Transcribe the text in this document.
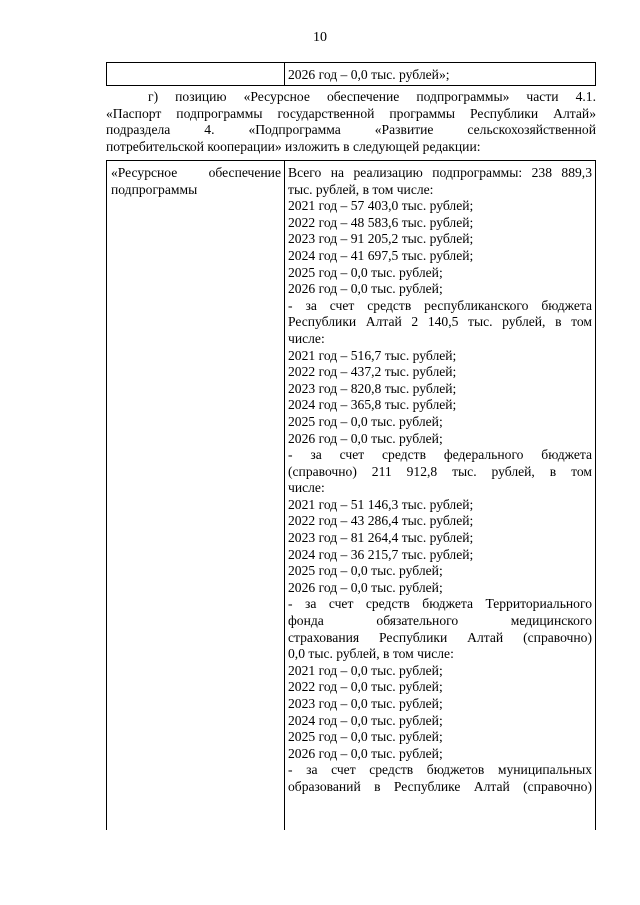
10
2026 год – 0,0 тыс. рублей»;
г) позицию «Ресурсное обеспечение подпрограммы» части 4.1.
«Паспорт подпрограммы государственной программы Республики Алтай»
подраздела 4. «Подпрограмма «Развитие сельскохозяйственной
потребительской кооперации» изложить в следующей редакции:
«Ресурсное обеспечение
подпрограммы
Всего на реализацию подпрограммы: 238 889,3
тыс. рублей, в том числе:
2021 год – 57 403,0 тыс. рублей;
2022 год – 48 583,6 тыс. рублей;
2023 год – 91 205,2 тыс. рублей;
2024 год – 41 697,5 тыс. рублей;
2025 год – 0,0 тыс. рублей;
2026 год – 0,0 тыс. рублей;
- за счет средств республиканского бюджета
Республики Алтай 2 140,5 тыс. рублей, в том
числе:
2021 год – 516,7 тыс. рублей;
2022 год – 437,2 тыс. рублей;
2023 год – 820,8 тыс. рублей;
2024 год – 365,8 тыс. рублей;
2025 год – 0,0 тыс. рублей;
2026 год – 0,0 тыс. рублей;
- за счет средств федерального бюджета
(справочно) 211 912,8 тыс. рублей, в том
числе:
2021 год – 51 146,3 тыс. рублей;
2022 год – 43 286,4 тыс. рублей;
2023 год – 81 264,4 тыс. рублей;
2024 год – 36 215,7 тыс. рублей;
2025 год – 0,0 тыс. рублей;
2026 год – 0,0 тыс. рублей;
- за счет средств бюджета Территориального
фонда обязательного медицинского
страхования Республики Алтай (справочно)
0,0 тыс. рублей, в том числе:
2021 год – 0,0 тыс. рублей;
2022 год – 0,0 тыс. рублей;
2023 год – 0,0 тыс. рублей;
2024 год – 0,0 тыс. рублей;
2025 год – 0,0 тыс. рублей;
2026 год – 0,0 тыс. рублей;
- за счет средств бюджетов муниципальных
образований в Республике Алтай (справочно)
